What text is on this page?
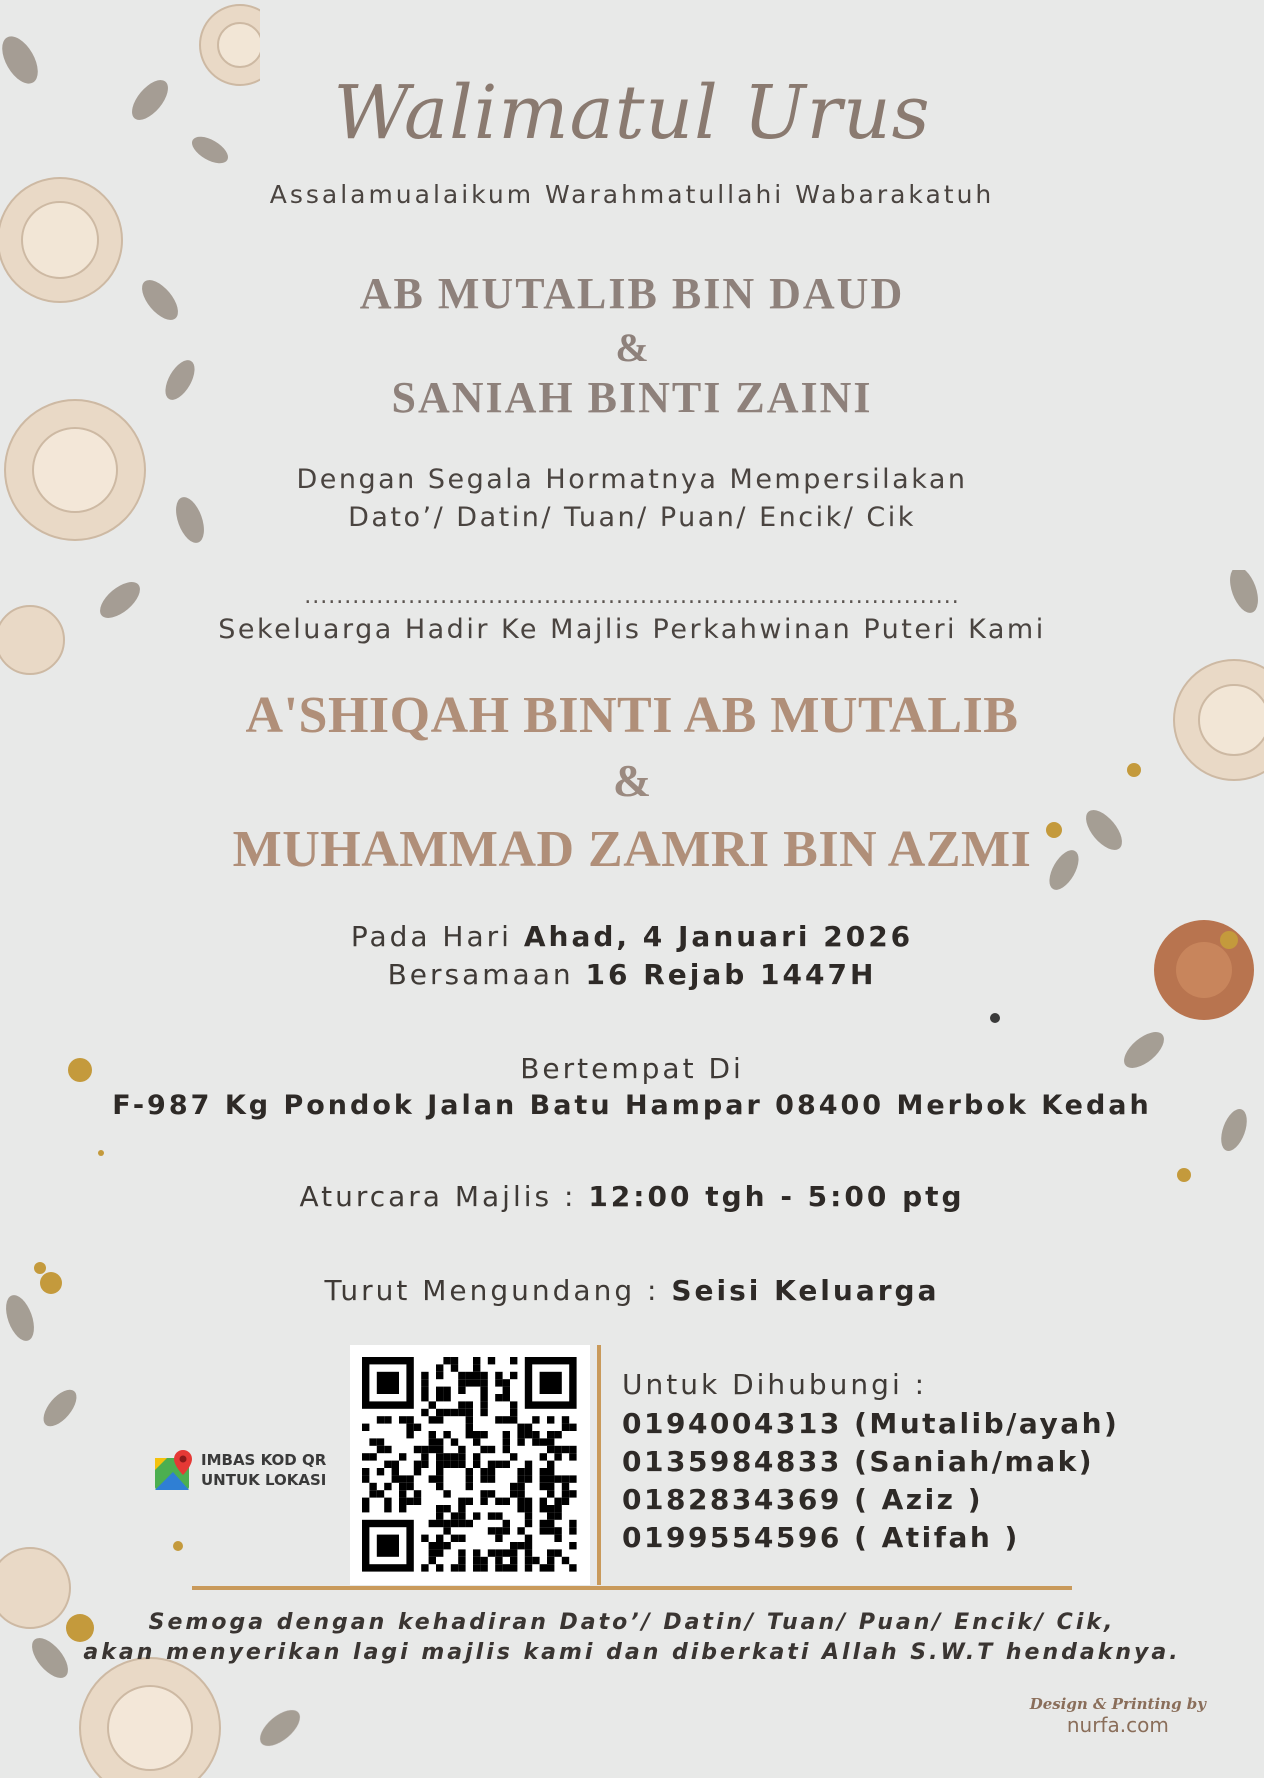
Walimatul Urus
Assalamualaikum Warahmatullahi Wabarakatuh
AB MUTALIB BIN DAUD
&
SANIAH BINTI ZAINI
Dengan Segala Hormatnya Mempersilakan
Dato’/ Datin/ Tuan/ Puan/ Encik/ Cik
..................................................................................
Sekeluarga Hadir Ke Majlis Perkahwinan Puteri Kami
A'SHIQAH BINTI AB MUTALIB
&
MUHAMMAD ZAMRI BIN AZMI
Pada Hari Ahad, 4 Januari 2026
Bersamaan 16 Rejab 1447H
Bertempat Di
F-987 Kg Pondok Jalan Batu Hampar 08400 Merbok Kedah
Aturcara Majlis : 12:00 tgh - 5:00 ptg
Turut Mengundang : Seisi Keluarga
IMBAS KOD QR
UNTUK LOKASI
Untuk Dihubungi :
0194004313 (Mutalib/ayah)
0135984833 (Saniah/mak)
0182834369 ( Aziz )
0199554596 ( Atifah )
Semoga dengan kehadiran Dato’/ Datin/ Tuan/ Puan/ Encik/ Cik,
akan menyerikan lagi majlis kami dan diberkati Allah S.W.T hendaknya.
Design & Printing by
nurfa.com
